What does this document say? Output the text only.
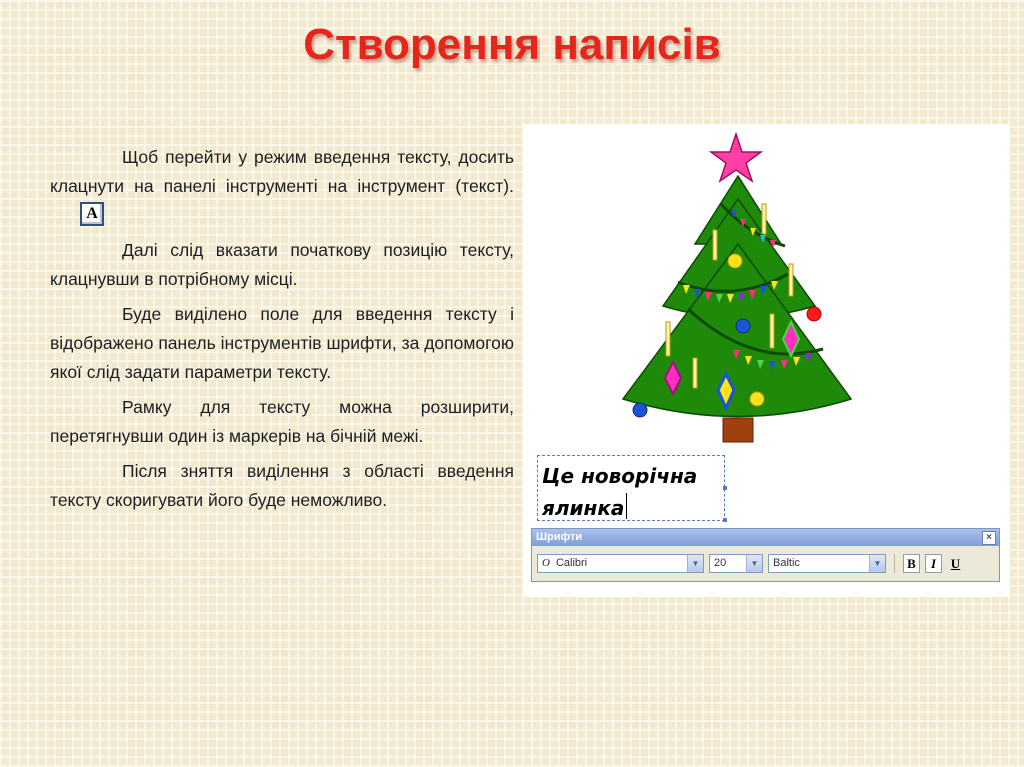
Створення написів

Щоб перейти у режим введення тексту, досить клацнути на панелі інструменті на інструмент (текст).A

Далі слід вказати початкову позицію тексту, клацнувши в потрібному місці.

Буде виділено поле для введення тексту і відображено панель інструментів шрифти, за допомогою якої слід задати параметри тексту.

Рамку для тексту можна розширити, перетягнувши один із маркерів на бічній межі.

Після зняття виділення з області введення тексту скоригувати його буде неможливо.

Це новорічна
ялинка
Шрифти	×
O Calibri	▼	20	▼	Baltic	▼	B	I	U
